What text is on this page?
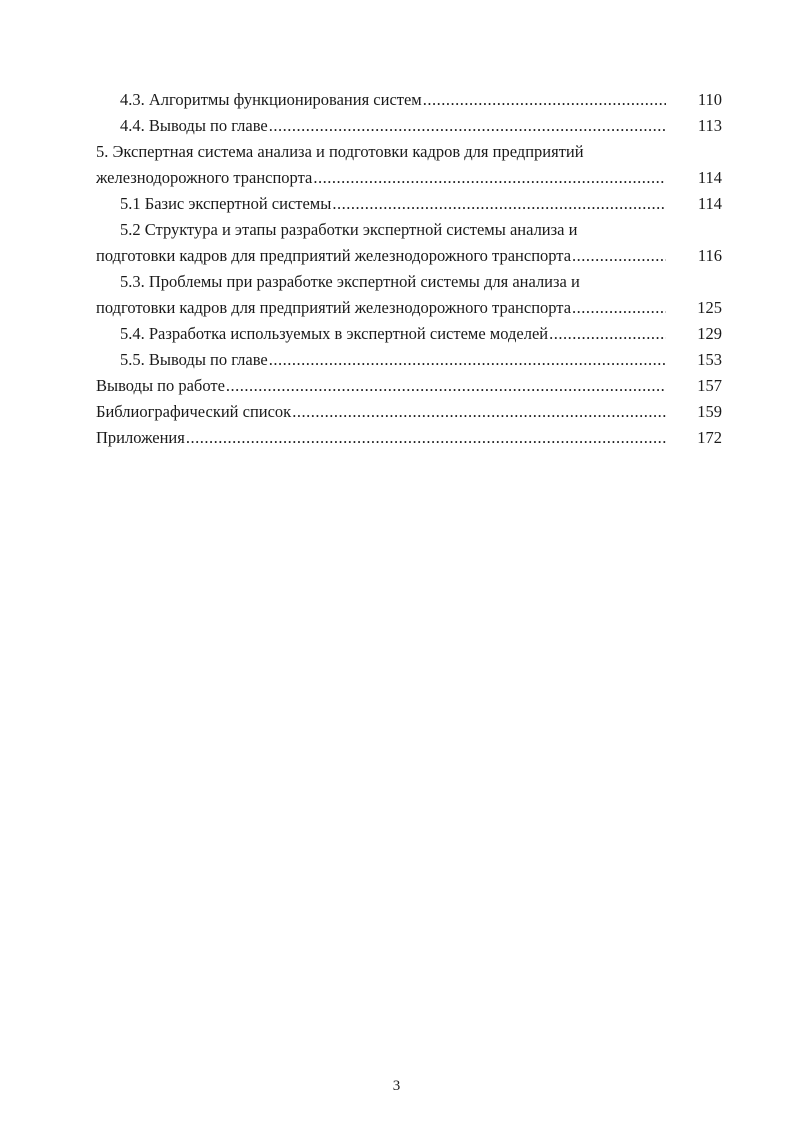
4.3. Алгоритмы функционирования систем .....	110
4.4. Выводы по главе .....	113
5. Экспертная система анализа и подготовки кадров для предприятий
железнодорожного транспорта .....	114
5.1 Базис экспертной системы .....	114
5.2 Структура и этапы разработки экспертной системы анализа и
подготовки кадров для предприятий железнодорожного транспорта .....	116
5.3. Проблемы при разработке экспертной системы для анализа и
подготовки кадров для предприятий железнодорожного транспорта .....	125
5.4. Разработка используемых в экспертной системе моделей .....	129
5.5. Выводы по главе .....	153
Выводы по работе .....	157
Библиографический список .....	159
Приложения .....	172
3
